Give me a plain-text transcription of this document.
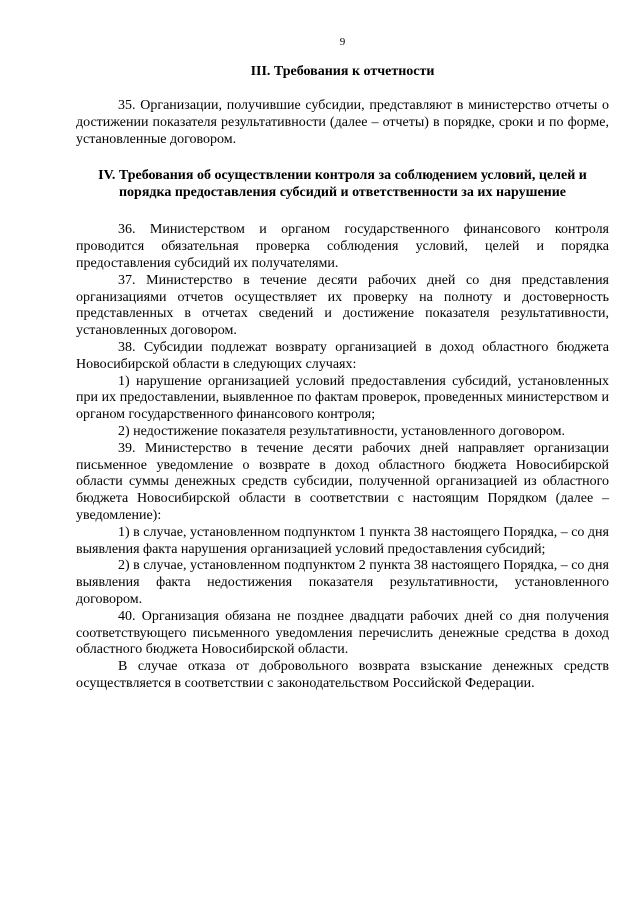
9
III. Требования к отчетности

35. Организации, получившие субсидии, представляют в министерство отчеты о достижении показателя результативности (далее – отчеты) в порядке, сроки и по форме, установленные договором.

IV. Требования об осуществлении контроля за соблюдением условий, целей и порядка предоставления субсидий и ответственности за их нарушение

36. Министерством и органом государственного финансового контроля проводится обязательная проверка соблюдения условий, целей и порядка предоставления субсидий их получателями.

37. Министерство в течение десяти рабочих дней со дня представления организациями отчетов осуществляет их проверку на полноту и достоверность представленных в отчетах сведений и достижение показателя результативности, установленных договором.

38. Субсидии подлежат возврату организацией в доход областного бюджета Новосибирской области в следующих случаях:

1) нарушение организацией условий предоставления субсидий, установленных при их предоставлении, выявленное по фактам проверок, проведенных министерством и органом государственного финансового контроля;

2) недостижение показателя результативности, установленного договором.

39. Министерство в течение десяти рабочих дней направляет организации письменное уведомление о возврате в доход областного бюджета Новосибирской области суммы денежных средств субсидии, полученной организацией из областного бюджета Новосибирской области в соответствии с настоящим Порядком (далее – уведомление):

1) в случае, установленном подпунктом 1 пункта 38 настоящего Порядка, – со дня выявления факта нарушения организацией условий предоставления субсидий;

2) в случае, установленном подпунктом 2 пункта 38 настоящего Порядка, – со дня выявления факта недостижения показателя результативности, установленного договором.

40. Организация обязана не позднее двадцати рабочих дней со дня получения соответствующего письменного уведомления перечислить денежные средства в доход областного бюджета Новосибирской области.

В случае отказа от добровольного возврата взыскание денежных средств осуществляется в соответствии с законодательством Российской Федерации.
